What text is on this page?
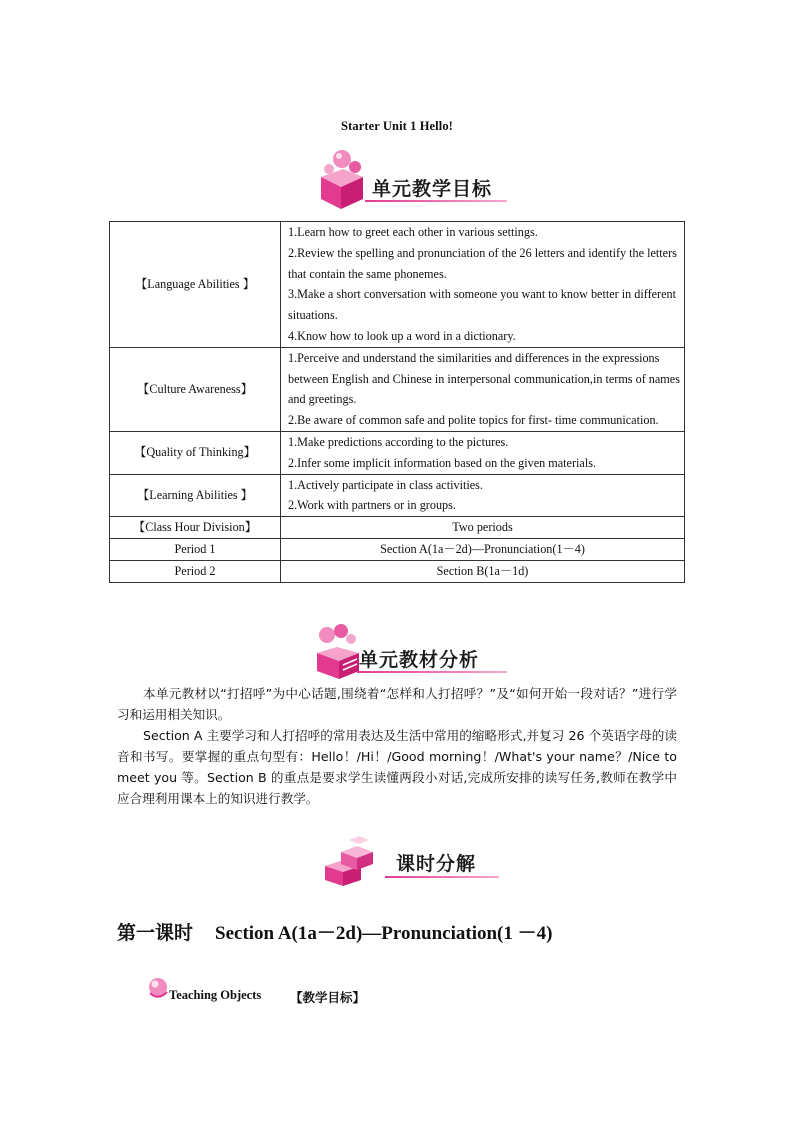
Starter Unit 1 Hello!
单元教学目标
【Language Abilities 】	1.Learn how to greet each other in various settings.
2.Review the spelling and pronunciation of the 26 letters and identify the letters that contain the same phonemes.
3.Make a short conversation with someone you want to know better in different situations.
4.Know how to look up a word in a dictionary.

【Culture Awareness】	1.Perceive and understand the similarities and differences in the expressions between English and Chinese in interpersonal communication,in terms of names and greetings.
2.Be aware of common safe and polite topics for first- time communication.

【Quality of Thinking】	1.Make predictions according to the pictures.
2.Infer some implicit information based on the given materials.

【Learning Abilities 】	1.Actively participate in class activities.
2.Work with partners or in groups.

【Class Hour Division】	Two periods
Period 1	Section A(1a－2d)—Pronunciation(1－4)
Period 2	Section B(1a－1d)
单元教材分析
本单元教材以“打招呼”为中心话题,围绕着“怎样和人打招呼？”及“如何开始一段对话？”进行学习和运用相关知识。
Section A 主要学习和人打招呼的常用表达及生活中常用的缩略形式,并复习 26 个英语字母的读音和书写。要掌握的重点句型有：Hello！/Hi！/Good morning！/What's your name？/Nice to meet you 等。Section B 的重点是要求学生读懂两段小对话,完成所安排的读写任务,教师在教学中应合理利用课本上的知识进行教学。
课时分解
第一课时 Section A(1a－2d)—Pronunciation(1 －4)
Teaching Objects 【教学目标】
